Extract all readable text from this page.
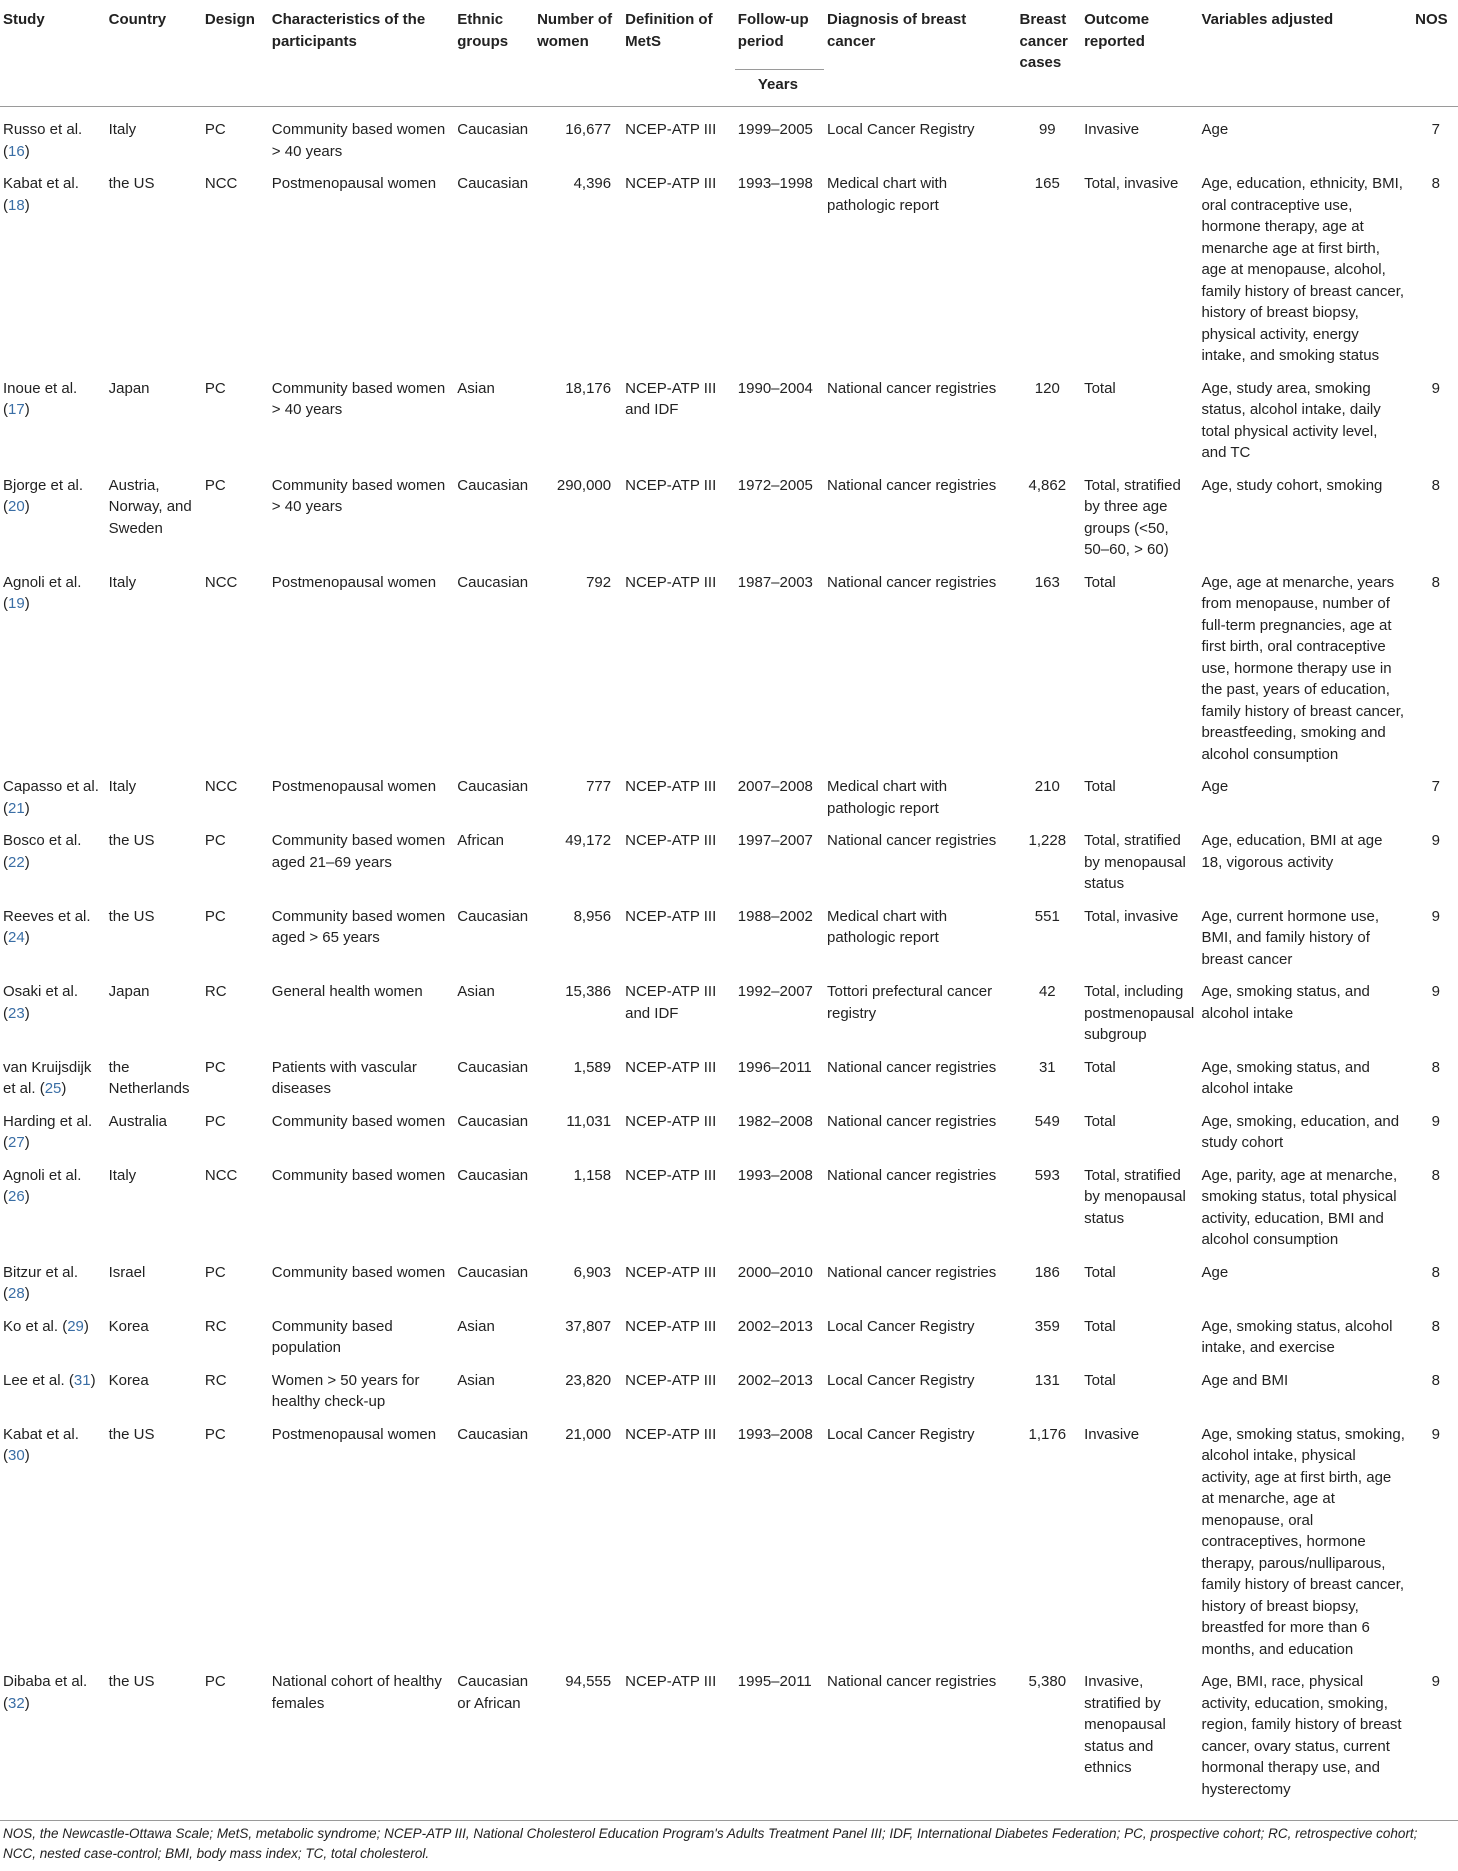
Study	Country	Design	Characteristics of the participants	Ethnic groups	Number of women	Definition of MetS	Follow-up period	Diagnosis of breast cancer	Breast cancer cases	Outcome reported	Variables adjusted	NOS
							Years					
Russo et al. (16)	Italy	PC	Community based women > 40 years	Caucasian	16,677	NCEP-ATP III	1999–2005	Local Cancer Registry	99	Invasive	Age	7
Kabat et al. (18)	the US	NCC	Postmenopausal women	Caucasian	4,396	NCEP-ATP III	1993–1998	Medical chart with pathologic report	165	Total, invasive	Age, education, ethnicity, BMI, oral contraceptive use, hormone therapy, age at menarche age at first birth, age at menopause, alcohol, family history of breast cancer, history of breast biopsy, physical activity, energy intake, and smoking status	8
Inoue et al. (17)	Japan	PC	Community based women > 40 years	Asian	18,176	NCEP-ATP III and IDF	1990–2004	National cancer registries	120	Total	Age, study area, smoking status, alcohol intake, daily total physical activity level, and TC	9
Bjorge et al. (20)	Austria, Norway, and Sweden	PC	Community based women > 40 years	Caucasian	290,000	NCEP-ATP III	1972–2005	National cancer registries	4,862	Total, stratified by three age groups (<50, 50–60, > 60)	Age, study cohort, smoking	8
Agnoli et al. (19)	Italy	NCC	Postmenopausal women	Caucasian	792	NCEP-ATP III	1987–2003	National cancer registries	163	Total	Age, age at menarche, years from menopause, number of full-term pregnancies, age at first birth, oral contraceptive use, hormone therapy use in the past, years of education, family history of breast cancer, breastfeeding, smoking and alcohol consumption	8
Capasso et al. (21)	Italy	NCC	Postmenopausal women	Caucasian	777	NCEP-ATP III	2007–2008	Medical chart with pathologic report	210	Total	Age	7
Bosco et al. (22)	the US	PC	Community based women aged 21–69 years	African	49,172	NCEP-ATP III	1997–2007	National cancer registries	1,228	Total, stratified by menopausal status	Age, education, BMI at age 18, vigorous activity	9
Reeves et al. (24)	the US	PC	Community based women aged > 65 years	Caucasian	8,956	NCEP-ATP III	1988–2002	Medical chart with pathologic report	551	Total, invasive	Age, current hormone use, BMI, and family history of breast cancer	9
Osaki et al. (23)	Japan	RC	General health women	Asian	15,386	NCEP-ATP III and IDF	1992–2007	Tottori prefectural cancer registry	42	Total, including postmenopausal subgroup	Age, smoking status, and alcohol intake	9
van Kruijsdijk et al. (25)	the Netherlands	PC	Patients with vascular diseases	Caucasian	1,589	NCEP-ATP III	1996–2011	National cancer registries	31	Total	Age, smoking status, and alcohol intake	8
Harding et al. (27)	Australia	PC	Community based women	Caucasian	11,031	NCEP-ATP III	1982–2008	National cancer registries	549	Total	Age, smoking, education, and study cohort	9
Agnoli et al. (26)	Italy	NCC	Community based women	Caucasian	1,158	NCEP-ATP III	1993–2008	National cancer registries	593	Total, stratified by menopausal status	Age, parity, age at menarche, smoking status, total physical activity, education, BMI and alcohol consumption	8
Bitzur et al. (28)	Israel	PC	Community based women	Caucasian	6,903	NCEP-ATP III	2000–2010	National cancer registries	186	Total	Age	8
Ko et al. (29)	Korea	RC	Community based population	Asian	37,807	NCEP-ATP III	2002–2013	Local Cancer Registry	359	Total	Age, smoking status, alcohol intake, and exercise	8
Lee et al. (31)	Korea	RC	Women > 50 years for healthy check-up	Asian	23,820	NCEP-ATP III	2002–2013	Local Cancer Registry	131	Total	Age and BMI	8
Kabat et al. (30)	the US	PC	Postmenopausal women	Caucasian	21,000	NCEP-ATP III	1993–2008	Local Cancer Registry	1,176	Invasive	Age, smoking status, smoking, alcohol intake, physical activity, age at first birth, age at menarche, age at menopause, oral contraceptives, hormone therapy, parous/nulliparous, family history of breast cancer, history of breast biopsy, breastfed for more than 6 months, and education	9
Dibaba et al. (32)	the US	PC	National cohort of healthy females	Caucasian or African	94,555	NCEP-ATP III	1995–2011	National cancer registries	5,380	Invasive, stratified by menopausal status and ethnics	Age, BMI, race, physical activity, education, smoking, region, family history of breast cancer, ovary status, current hormonal therapy use, and hysterectomy	9
NOS, the Newcastle-Ottawa Scale; MetS, metabolic syndrome; NCEP-ATP III, National Cholesterol Education Program's Adults Treatment Panel III; IDF, International Diabetes Federation; PC, prospective cohort; RC, retrospective cohort; NCC, nested case-control; BMI, body mass index; TC, total cholesterol.
